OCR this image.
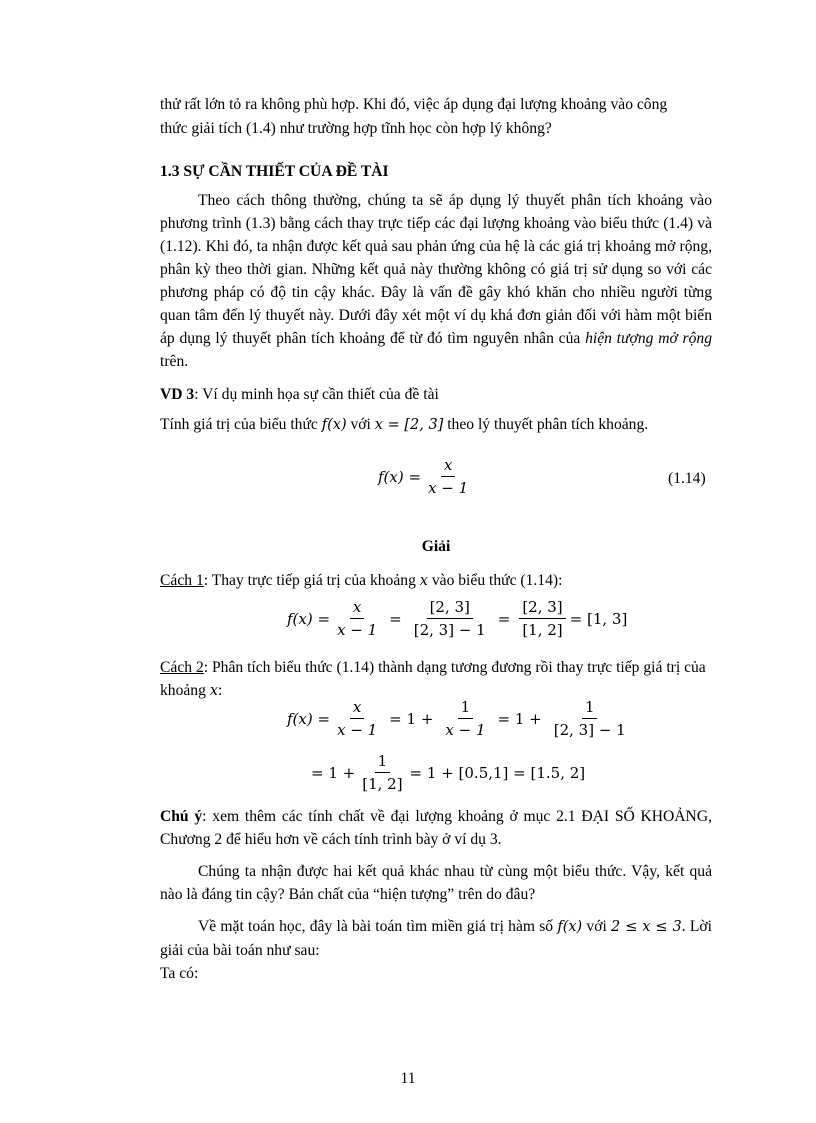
thử rất lớn tỏ ra không phù hợp. Khi đó, việc áp dụng đại lượng khoảng vào công

thức giải tích (1.4) như trường hợp tĩnh học còn hợp lý không?

1.3 SỰ CẦN THIẾT CỦA ĐỀ TÀI

Theo cách thông thường, chúng ta sẽ áp dụng lý thuyết phân tích khoảng vào phương trình (1.3) bằng cách thay trực tiếp các đại lượng khoảng vào biểu thức (1.4) và (1.12). Khi đó, ta nhận được kết quả sau phản ứng của hệ là các giá trị khoảng mở rộng, phân kỳ theo thời gian. Những kết quả này thường không có giá trị sử dụng so với các phương pháp có độ tin cậy khác. Đây là vấn đề gây khó khăn cho nhiều người từng quan tâm đến lý thuyết này. Dưới đây xét một ví dụ khá đơn giản đối với hàm một biến áp dụng lý thuyết phân tích khoảng để từ đó tìm nguyên nhân của hiện tượng mở rộng trên.

VD 3: Ví dụ minh họa sự cần thiết của đề tài

Tính giá trị của biểu thức f(x) với x = [2, 3] theo lý thuyết phân tích khoảng.

$f(x) = \frac{x}{x - 1}$	(1.14)
Giải

Cách 1: Thay trực tiếp giá trị của khoảng x vào biểu thức (1.14):

$f(x) = \frac{x}{x - 1} = \frac{[2, 3]}{[2, 3] - 1} = \frac{[2, 3]}{[1, 2]} = [1$, 3]

Cách 2: Phân tích biểu thức (1.14) thành dạng tương đương rồi thay trực tiếp giá trị của khoảng x:

$f(x) = \frac{x}{x - 1} = 1 + \frac{1}{x - 1} = 1 + \frac{1}{[2, 3] - 1}$
= $1 + \frac{1}{[1, 2]} = 1 + [0.5,1] = [1.5$, 2]

Chú ý: xem thêm các tính chất về đại lượng khoảng ở mục 2.1 ĐẠI SỐ KHOẢNG, Chương 2 để hiểu hơn về cách tính trình bày ở ví dụ 3.

Chúng ta nhận được hai kết quả khác nhau từ cùng một biểu thức. Vậy, kết quả nào là đáng tin cậy? Bản chất của “hiện tượng” trên do đâu?

Về mặt toán học, đây là bài toán tìm miền giá trị hàm số f(x) với 2 ≤ x ≤ 3. Lời giải của bài toán như sau:

Ta có:

11
